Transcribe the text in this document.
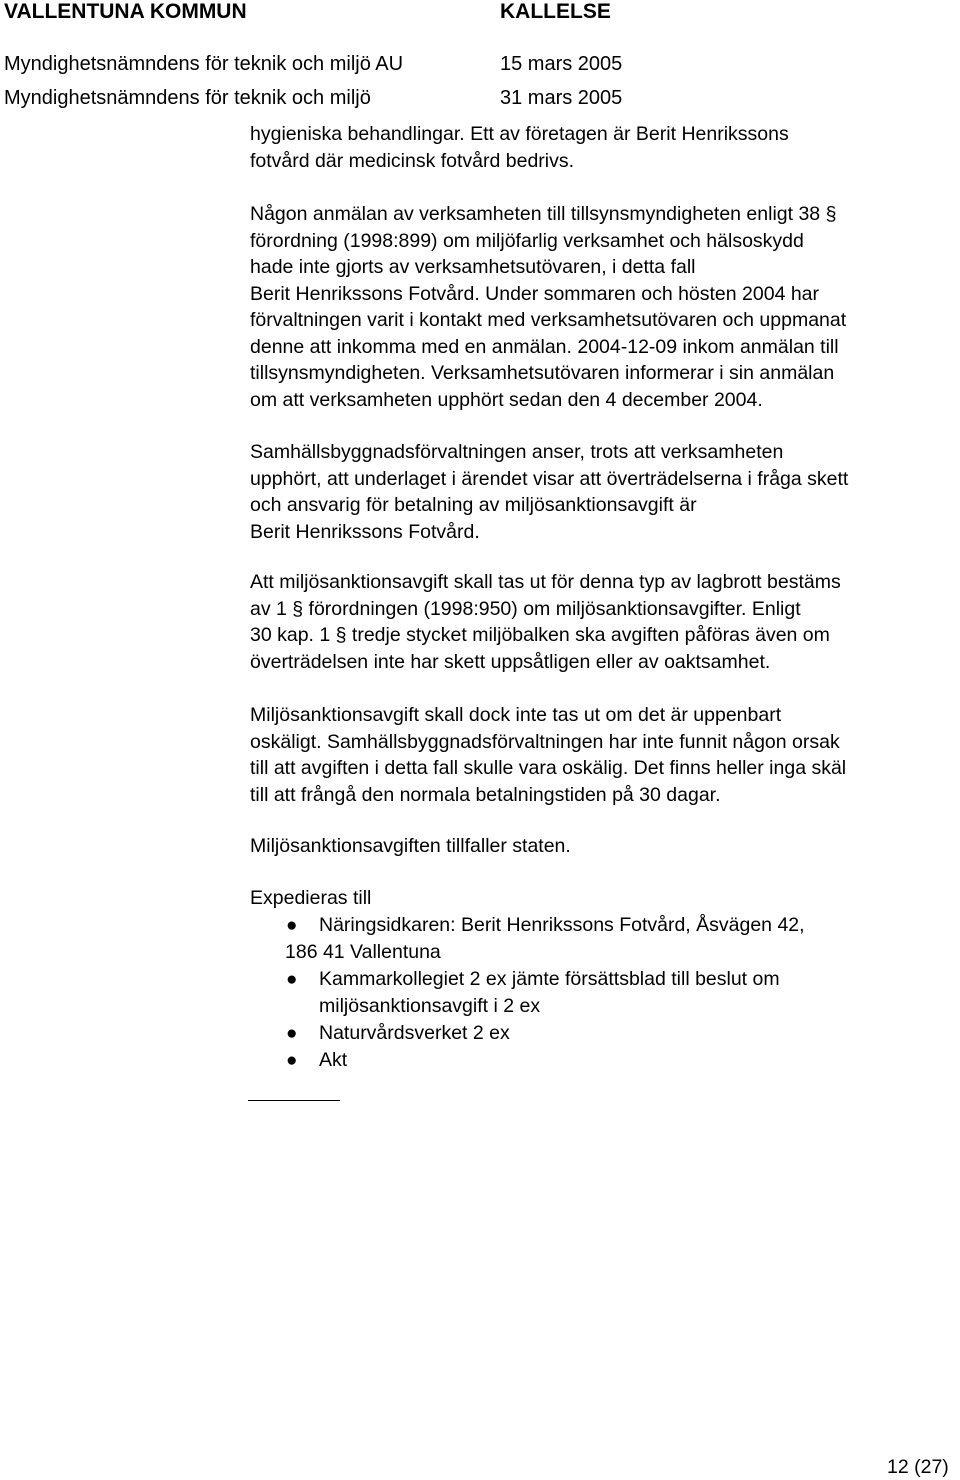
VALLENTUNA KOMMUN	KALLELSE
Myndighetsnämndens för teknik och miljö AU	15 mars 2005
Myndighetsnämndens för teknik och miljö	31 mars 2005

hygieniska behandlingar. Ett av företagen är Berit Henrikssons
fotvård där medicinsk fotvård bedrivs.

Någon anmälan av verksamheten till tillsynsmyndigheten enligt 38 §
förordning (1998:899) om miljöfarlig verksamhet och hälsoskydd
hade inte gjorts av verksamhetsutövaren, i detta fall
Berit Henrikssons Fotvård. Under sommaren och hösten 2004 har
förvaltningen varit i kontakt med verksamhetsutövaren och uppmanat
denne att inkomma med en anmälan. 2004-12-09 inkom anmälan till
tillsynsmyndigheten. Verksamhetsutövaren informerar i sin anmälan
om att verksamheten upphört sedan den 4 december 2004.

Samhällsbyggnadsförvaltningen anser, trots att verksamheten
upphört, att underlaget i ärendet visar att överträdelserna i fråga skett
och ansvarig för betalning av miljösanktionsavgift är
Berit Henrikssons Fotvård.

Att miljösanktionsavgift skall tas ut för denna typ av lagbrott bestäms
av 1 § förordningen (1998:950) om miljösanktionsavgifter. Enligt
30 kap. 1 § tredje stycket miljöbalken ska avgiften påföras även om
överträdelsen inte har skett uppsåtligen eller av oaktsamhet.

Miljösanktionsavgift skall dock inte tas ut om det är uppenbart
oskäligt. Samhällsbyggnadsförvaltningen har inte funnit någon orsak
till att avgiften i detta fall skulle vara oskälig. Det finns heller inga skäl
till att frångå den normala betalningstiden på 30 dagar.

Miljösanktionsavgiften tillfaller staten.

Expedieras till
● Näringsidkaren: Berit Henrikssons Fotvård, Åsvägen 42,
186 41 Vallentuna
● Kammarkollegiet 2 ex jämte försättsblad till beslut om
miljösanktionsavgift i 2 ex
● Naturvårdsverket 2 ex
● Akt
12 (27)
